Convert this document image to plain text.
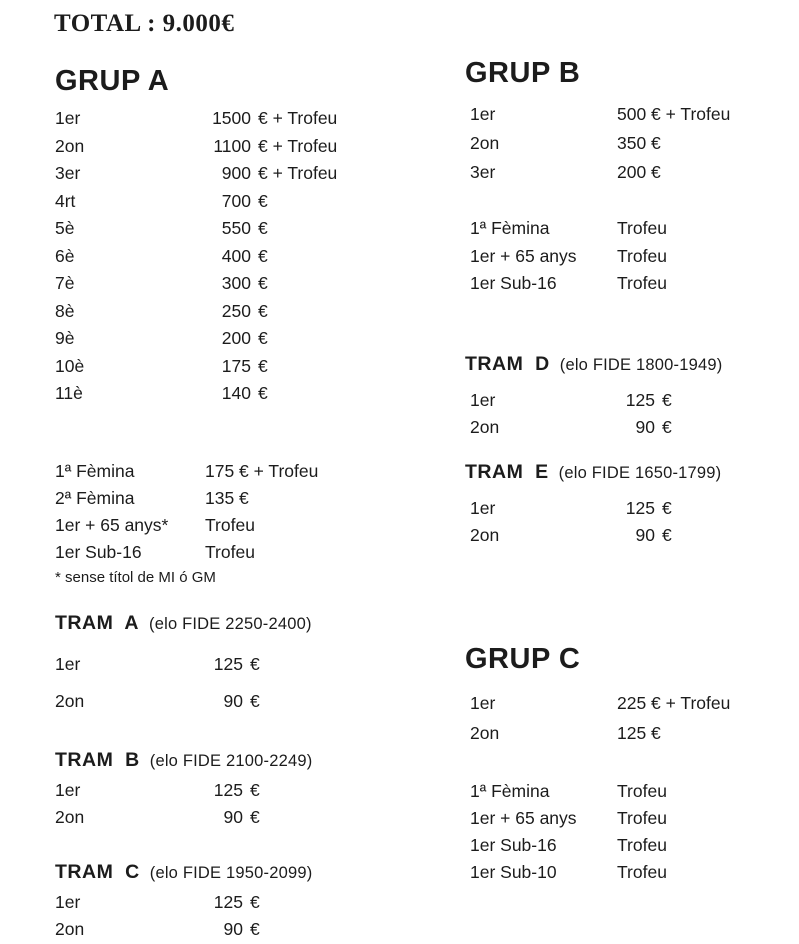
TOTAL : 9.000€
GRUP A
1er	1500 € + Trofeu
2on	1100 € + Trofeu
3er	900 € + Trofeu
4rt	700 €
5è	550 €
6è	400 €
7è	300 €
8è	250 €
9è	200 €
10è	175 €
11è	140 €
1ª Fèmina	175 € + Trofeu
2ª Fèmina	135 €
1er + 65 anys*	Trofeu
1er Sub-16	Trofeu
* sense títol de MI ó GM
TRAM  A (elo FIDE 2250-2400)
1er	125 €
2on	90 €
TRAM  B (elo FIDE 2100-2249)
1er	125 €
2on	90 €
TRAM  C (elo FIDE 1950-2099)
1er	125 €
2on	90 €
GRUP B
1er	500 € + Trofeu
2on	350 €
3er	200 €
1ª Fèmina	Trofeu
1er + 65 anys	Trofeu
1er Sub-16	Trofeu
TRAM  D (elo FIDE 1800-1949)
1er	125 €
2on	90 €
TRAM  E (elo FIDE 1650-1799)
1er	125 €
2on	90 €
GRUP C
1er	225 € + Trofeu
2on	125 €
1ª Fèmina	Trofeu
1er + 65 anys	Trofeu
1er Sub-16	Trofeu
1er Sub-10	Trofeu
